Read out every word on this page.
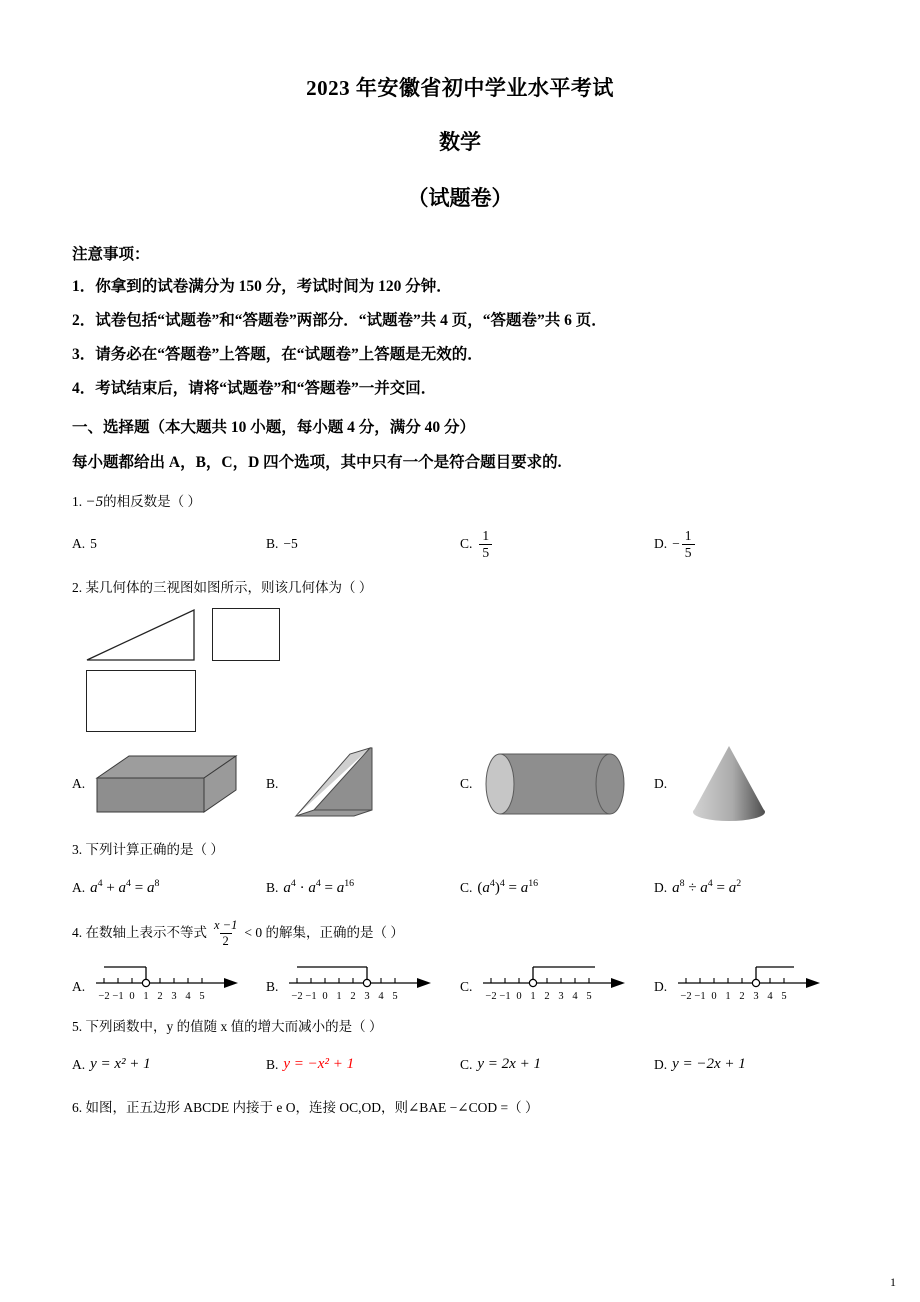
2023 年安徽省初中学业水平考试
数学
（试题卷）
注意事项：
1．你拿到的试卷满分为 150 分，考试时间为 120 分钟．
2．试卷包括“试题卷”和“答题卷”两部分．“试题卷”共 4 页，“答题卷”共 6 页．
3．请务必在“答题卷”上答题，在“试题卷”上答题是无效的．
4．考试结束后，请将“试题卷”和“答题卷”一并交回．
一、选择题（本大题共 10 小题，每小题 4 分，满分 40 分）
每小题都给出 A，B，C，D 四个选项，其中只有一个是符合题目要求的.
1. −5的相反数是（ ）
A. 5	B. −5	C. $\frac{1}{5}$	D. − $\frac{1}{5}$
2. 某几何体的三视图如图所示，则该几何体为（ ）
A.	B.	C.	D.
3. 下列计算正确的是（ ）
A. $a^4 + a^4 = a^8$	B. $a^4 \cdot a^4 = a^{16}$	C. $(a^4)^4 = a^{16}$	D. $a^8 \div a^4 = a^2$
4. 在数轴上表示不等式 $\frac{x -1}{2} < 0$ 的解集，正确的是（ ）
A.
−2 −1 0 1 2 3 4 5
B.
−2 −1 0 1 2 3 4 5
C.
−2 −1 0 1 2 3 4 5
D.
−2 −1 0 1 2 3 4 5
5. 下列函数中，y 的值随 x 值的增大而减小的是（ ）
A. y = x² + 1	B. y = −x² + 1	C. y = 2x + 1	D. y = −2x + 1
6. 如图，正五边形 ABCDE 内接于 e O，连接 OC,OD，则∠BAE −∠COD =（ ）
1
